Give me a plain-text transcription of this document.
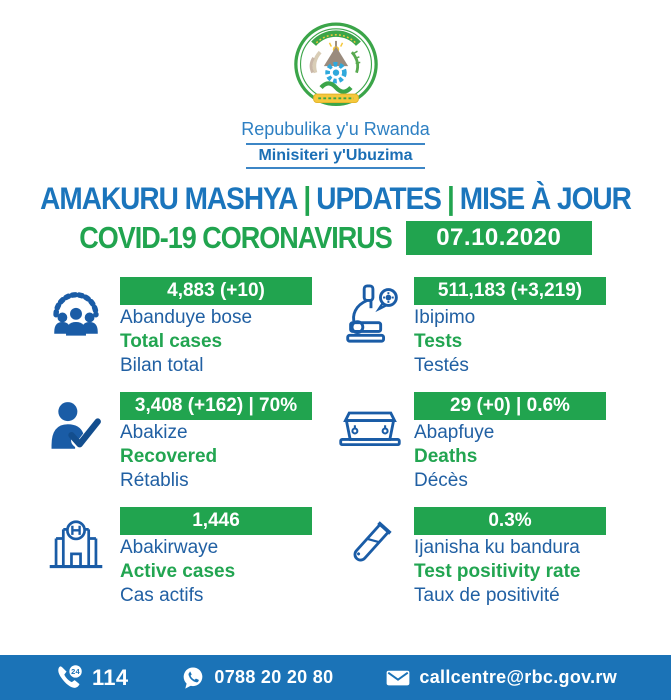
Repubulika y'u Rwanda
Minisiteri y'Ubuzima
AMAKURU MASHYA | UPDATES | MISE À JOUR
COVID-19 CORONAVIRUS	07.10.2020
4,883 (+10)
Abanduye bose
Total cases
Bilan total
511,183 (+3,219)
Ibipimo
Tests
Testés
3,408 (+162) | 70%
Abakize
Recovered
Rétablis
29 (+0) | 0.6%
Abapfuye
Deaths
Décès
1,446
Abakirwaye
Active cases
Cas actifs
0.3%
Ijanisha ku bandura
Test positivity rate
Taux de positivité
24 114	0788 20 20 80	callcentre@rbc.gov.rw
